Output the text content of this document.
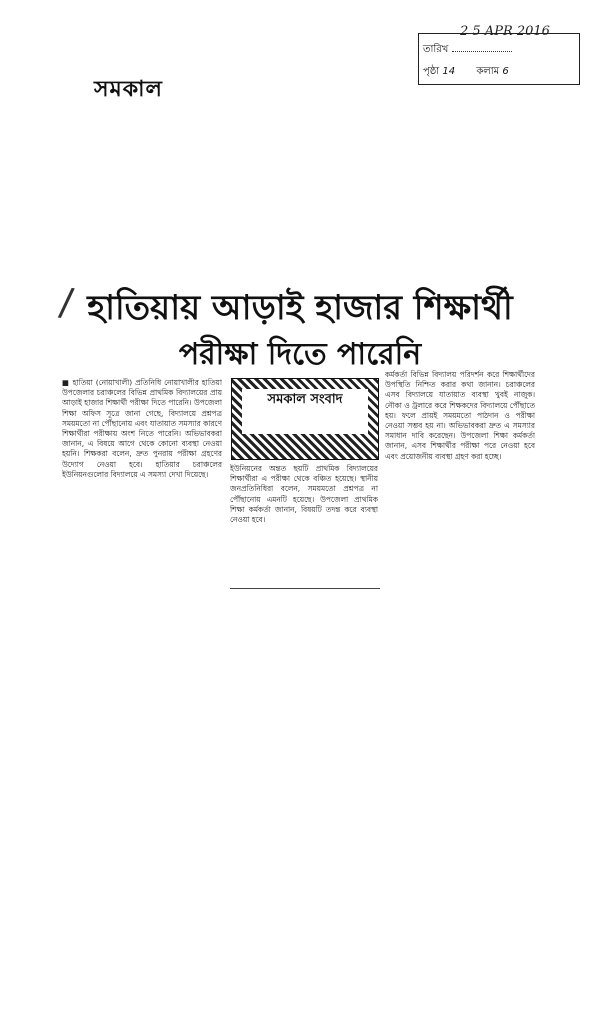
তারিখ
পৃষ্ঠা 14 কলাম 6
2 5 APR 2016
সমকাল
/ হাতিয়ায় আড়াই হাজার শিক্ষার্থী
পরীক্ষা দিতে পারেনি
■ হাতিয়া (নোয়াখালী) প্রতিনিধি নোয়াখালীর হাতিয়া উপজেলার চরাঞ্চলের বিভিন্ন প্রাথমিক বিদ্যালয়ের প্রায় আড়াই হাজার শিক্ষার্থী পরীক্ষা দিতে পারেনি। উপজেলা শিক্ষা অফিস সূত্রে জানা গেছে, বিদ্যালয়ে প্রশ্নপত্র সময়মতো না পৌঁছানোয় এবং যাতায়াত সমস্যার কারণে শিক্ষার্থীরা পরীক্ষায় অংশ নিতে পারেনি। অভিভাবকরা জানান, এ বিষয়ে আগে থেকে কোনো ব্যবস্থা নেওয়া হয়নি। শিক্ষকরা বলেন, দ্রুত পুনরায় পরীক্ষা গ্রহণের উদ্যোগ নেওয়া হবে। হাতিয়ার চরাঞ্চলের ইউনিয়নগুলোর বিদ্যালয়ে এ সমস্যা দেখা দিয়েছে।
সমকাল সংবাদ
ইউনিয়নের অন্তত ছয়টি প্রাথমিক বিদ্যালয়ের শিক্ষার্থীরা এ পরীক্ষা থেকে বঞ্চিত হয়েছে। স্থানীয় জনপ্রতিনিধিরা বলেন, সময়মতো প্রশ্নপত্র না পৌঁছানোয় এমনটি হয়েছে। উপজেলা প্রাথমিক শিক্ষা কর্মকর্তা জানান, বিষয়টি তদন্ত করে ব্যবস্থা নেওয়া হবে।
কর্মকর্তা বিভিন্ন বিদ্যালয় পরিদর্শন করে শিক্ষার্থীদের উপস্থিতি নিশ্চিত করার কথা জানান। চরাঞ্চলের এসব বিদ্যালয়ে যাতায়াত ব্যবস্থা খুবই নাজুক। নৌকা ও ট্রলারে করে শিক্ষকদের বিদ্যালয়ে পৌঁছাতে হয়। ফলে প্রায়ই সময়মতো পাঠদান ও পরীক্ষা নেওয়া সম্ভব হয় না। অভিভাবকরা দ্রুত এ সমস্যার সমাধান দাবি করেছেন। উপজেলা শিক্ষা কর্মকর্তা জানান, এসব শিক্ষার্থীর পরীক্ষা পরে নেওয়া হবে এবং প্রয়োজনীয় ব্যবস্থা গ্রহণ করা হচ্ছে।
